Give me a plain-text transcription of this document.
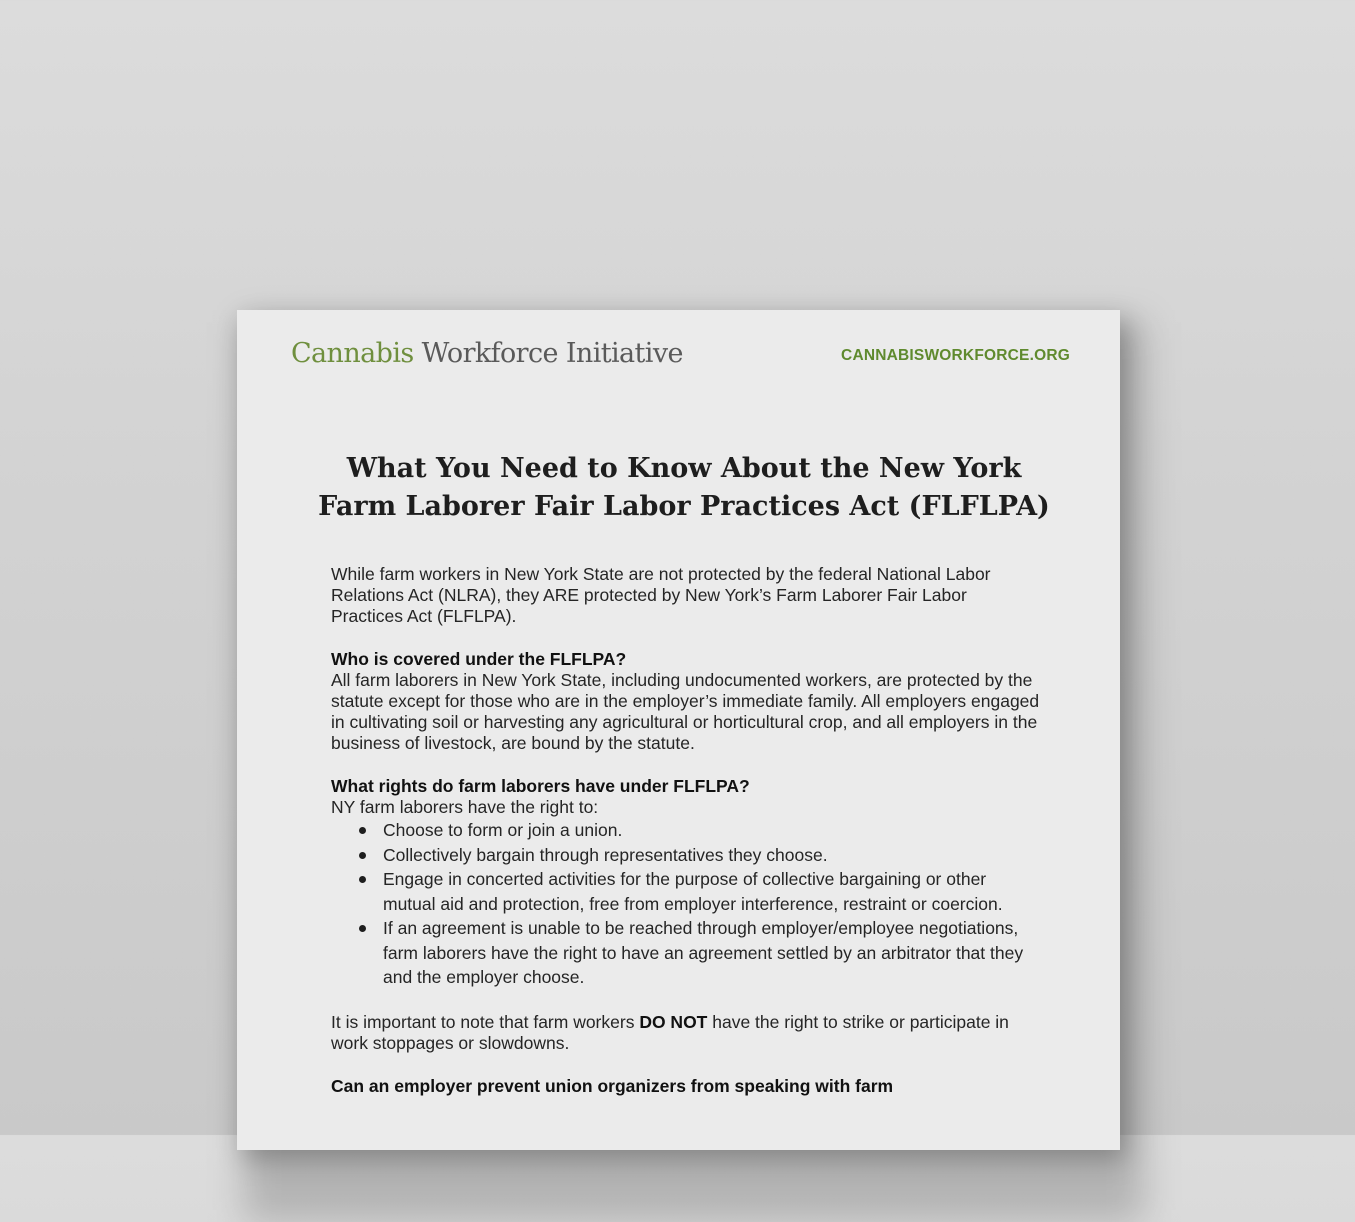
Cannabis Workforce Initiative	CANNABISWORKFORCE.ORG
What You Need to Know About the New York
Farm Laborer Fair Labor Practices Act (FLFLPA)

While farm workers in New York State are not protected by the federal National Labor Relations Act (NLRA), they ARE protected by New York’s Farm Laborer Fair Labor Practices Act (FLFLPA).

Who is covered under the FLFLPA?

All farm laborers in New York State, including undocumented workers, are protected by the statute except for those who are in the employer’s immediate family. All employers engaged in cultivating soil or harvesting any agricultural or horticultural crop, and all employers in the business of livestock, are bound by the statute.

What rights do farm laborers have under FLFLPA?

NY farm laborers have the right to:

Choose to form or join a union.
Collectively bargain through representatives they choose.
Engage in concerted activities for the purpose of collective bargaining or other mutual aid and protection, free from employer interference, restraint or coercion.
If an agreement is unable to be reached through employer/employee negotiations, farm laborers have the right to have an agreement settled by an arbitrator that they and the employer choose.

It is important to note that farm workers DO NOT have the right to strike or participate in work stoppages or slowdowns.

Can an employer prevent union organizers from speaking with farm
